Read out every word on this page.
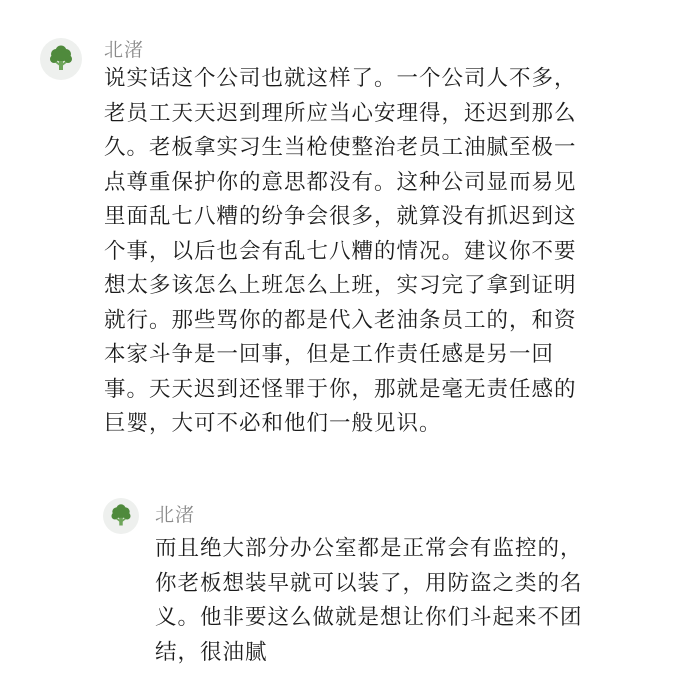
北渚
说实话这个公司也就这样了。一个公司人不多，老员工天天迟到理所应当心安理得，还迟到那么久。老板拿实习生当枪使整治老员工油腻至极一点尊重保护你的意思都没有。这种公司显而易见里面乱七八糟的纷争会很多，就算没有抓迟到这个事，以后也会有乱七八糟的情况。建议你不要想太多该怎么上班怎么上班，实习完了拿到证明就行。那些骂你的都是代入老油条员工的，和资本家斗争是一回事，但是工作责任感是另一回事。天天迟到还怪罪于你，那就是毫无责任感的巨婴，大可不必和他们一般见识。
北渚
而且绝大部分办公室都是正常会有监控的，你老板想装早就可以装了，用防盗之类的名义。他非要这么做就是想让你们斗起来不团结，很油腻
